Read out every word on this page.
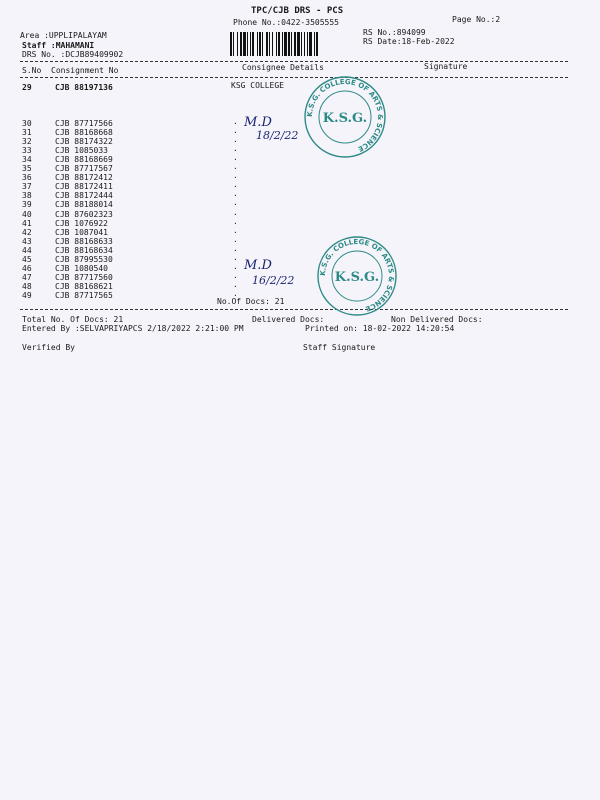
TPC/CJB DRS - PCS
Phone No.:0422-3505555	Page No.:2
Area :UPPLIPALAYAM
Staff :MAHAMANI
DRS No. :DCJB89409902
RS No.:894099
RS Date:18-Feb-2022
S.No Consignment No	Consignee Details	Signature
29	CJB 88197136	KSG COLLEGE
30	CJB 87717566
31	CJB 88168668
32	CJB 88174322
33	CJB 1085033
34	CJB 88168669
35	CJB 87717567
36	CJB 88172412
37	CJB 88172411
38	CJB 88172444
39	CJB 88188014
40	CJB 87602323
41	CJB 1076922
42	CJB 1087041
43	CJB 88168633
44	CJB 88168634
45	CJB 87995530
46	CJB 1080540
47	CJB 87717560
48	CJB 88168621
49	CJB 87717565
.
.
.
.
.
.
.
.
.
.
.
.
.
.
.
.
.
.
.
.
No.Of Docs: 21
Total No. Of Docs: 21	Delivered Docs:	Non Delivered Docs:
Entered By :SELVAPRIYAPCS 2/18/2022 2:21:00 PM	Printed on: 18-02-2022 14:20:54
Verified By	Staff Signature
K.S.G. COLLEGE OF ARTS & SCIENCE
K.S.G.
M.D
18/2/22
K.S.G. COLLEGE OF ARTS & SCIENCE
K.S.G.
M.D
16/2/22
